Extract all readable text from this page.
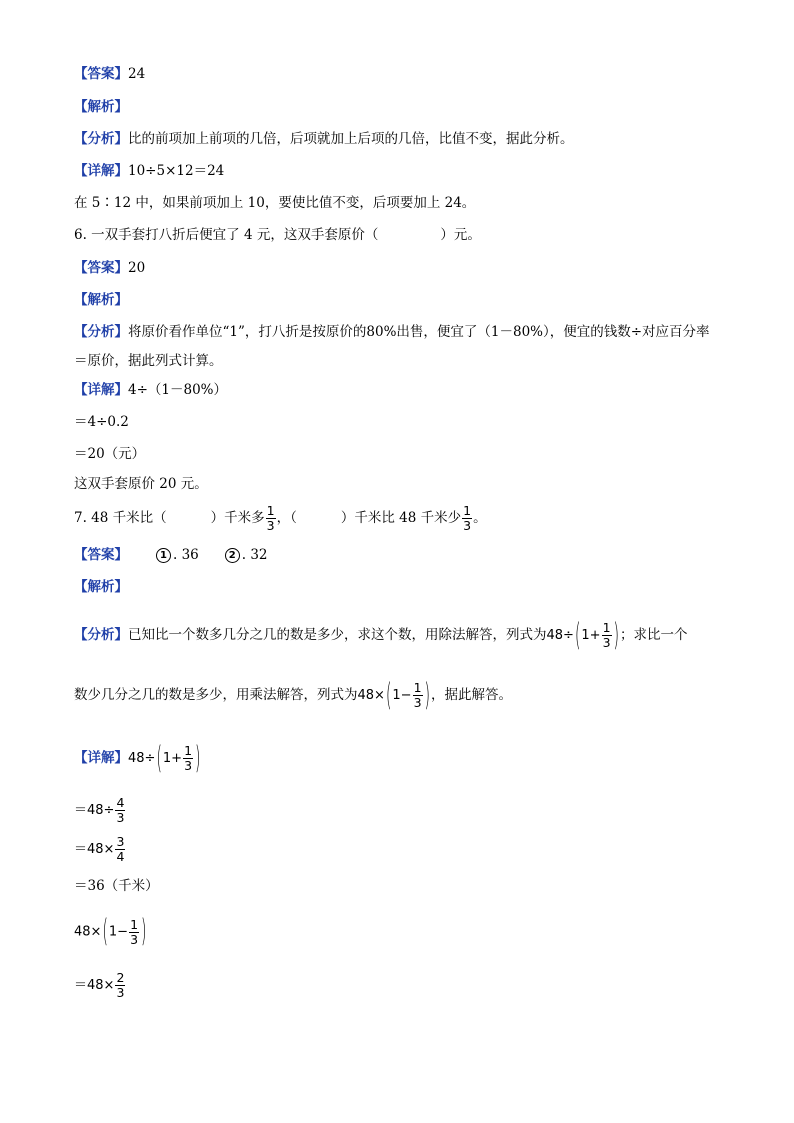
【答案】24
【解析】
【分析】比的前项加上前项的几倍，后项就加上后项的几倍，比值不变，据此分析。
【详解】10÷5×12＝24
在 5∶12 中，如果前项加上 10，要使比值不变，后项要加上 24。
6. 一双手套打八折后便宜了 4 元，这双手套原价（	）元。
【答案】20
【解析】
【分析】将原价看作单位“1”，打八折是按原价的80%出售，便宜了（1－80%），便宜的钱数÷对应百分率
＝原价，据此列式计算。
【详解】4÷（1－80%）
＝4÷0.2
＝20（元）
这双手套原价 20 元。
7. 48 千米比（	）千米多 $\frac{1}{3}$ ，（	）千米比 48 千米少 $\frac{1}{3}$ 。
【答案】	1 . 36	2 . 32
【解析】
【分析】已知比一个数多几分之几的数是多少，求这个数，用除法解答，列式为$48\div(1+ \frac{1}{3}$ )；求比一个
数少几分之几的数是多少，用乘法解答，列式为$48\times(1- \frac{1}{3}$ )，据此解答。
【详解】$48\div(1+ \frac{1}{3}$ )
$=48\div \frac{4}{3}$
$=48\times \frac{3}{4}$
＝36（千米）
$48\times(1- \frac{1}{3}$ )
$=48\times \frac{2}{3}$
